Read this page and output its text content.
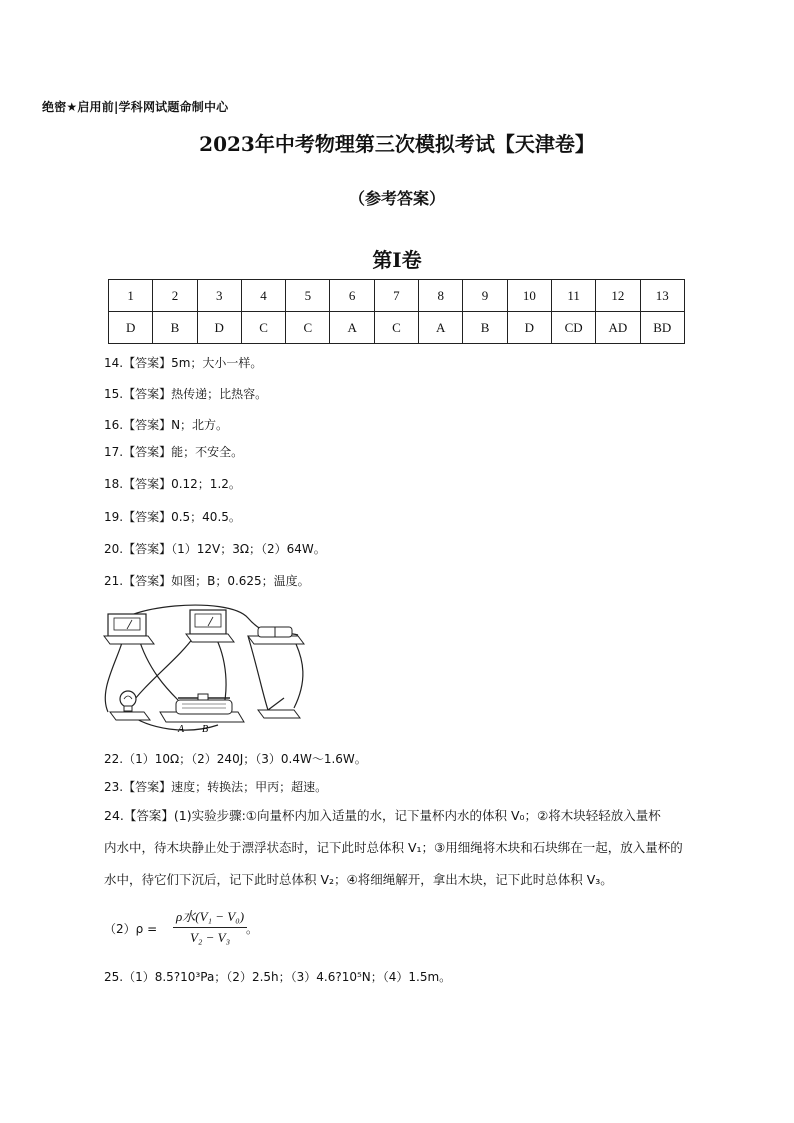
绝密★启用前|学科网试题命制中心
2023年中考物理第三次模拟考试【天津卷】
（参考答案）
第Ⅰ卷
1	2	3	4	5	6	7	8	9	10	11	12	13
D	B	D	C	C	A	C	A	B	D	CD	AD	BD
14.【答案】5m；大小一样。
15.【答案】热传递；比热容。
16.【答案】N；北方。
17.【答案】能；不安全。
18.【答案】0.12；1.2。
19.【答案】0.5；40.5。
20.【答案】（1）12V；3Ω；（2）64W。
21.【答案】如图；B；0.625；温度。
A B
22.（1）10Ω；（2）240J；（3）0.4W～1.6W。
23.【答案】速度；转换法；甲丙；超速。
24.【答案】(1)实验步骤:①向量杯内加入适量的水，记下量杯内水的体积 V₀；②将木块轻轻放入量杯
内水中，待木块静止处于漂浮状态时，记下此时总体积 V₁；③用细绳将木块和石块绑在一起，放入量杯的
水中，待它们下沉后，记下此时总体积 V₂；④将细绳解开，拿出木块，记下此时总体积 V₃。
（2）ρ =
ρ水(V₁ − V₀)
V₂ − V₃
。
25.（1）8.5?10³Pa；（2）2.5h；（3）4.6?10⁵N；（4）1.5m。
